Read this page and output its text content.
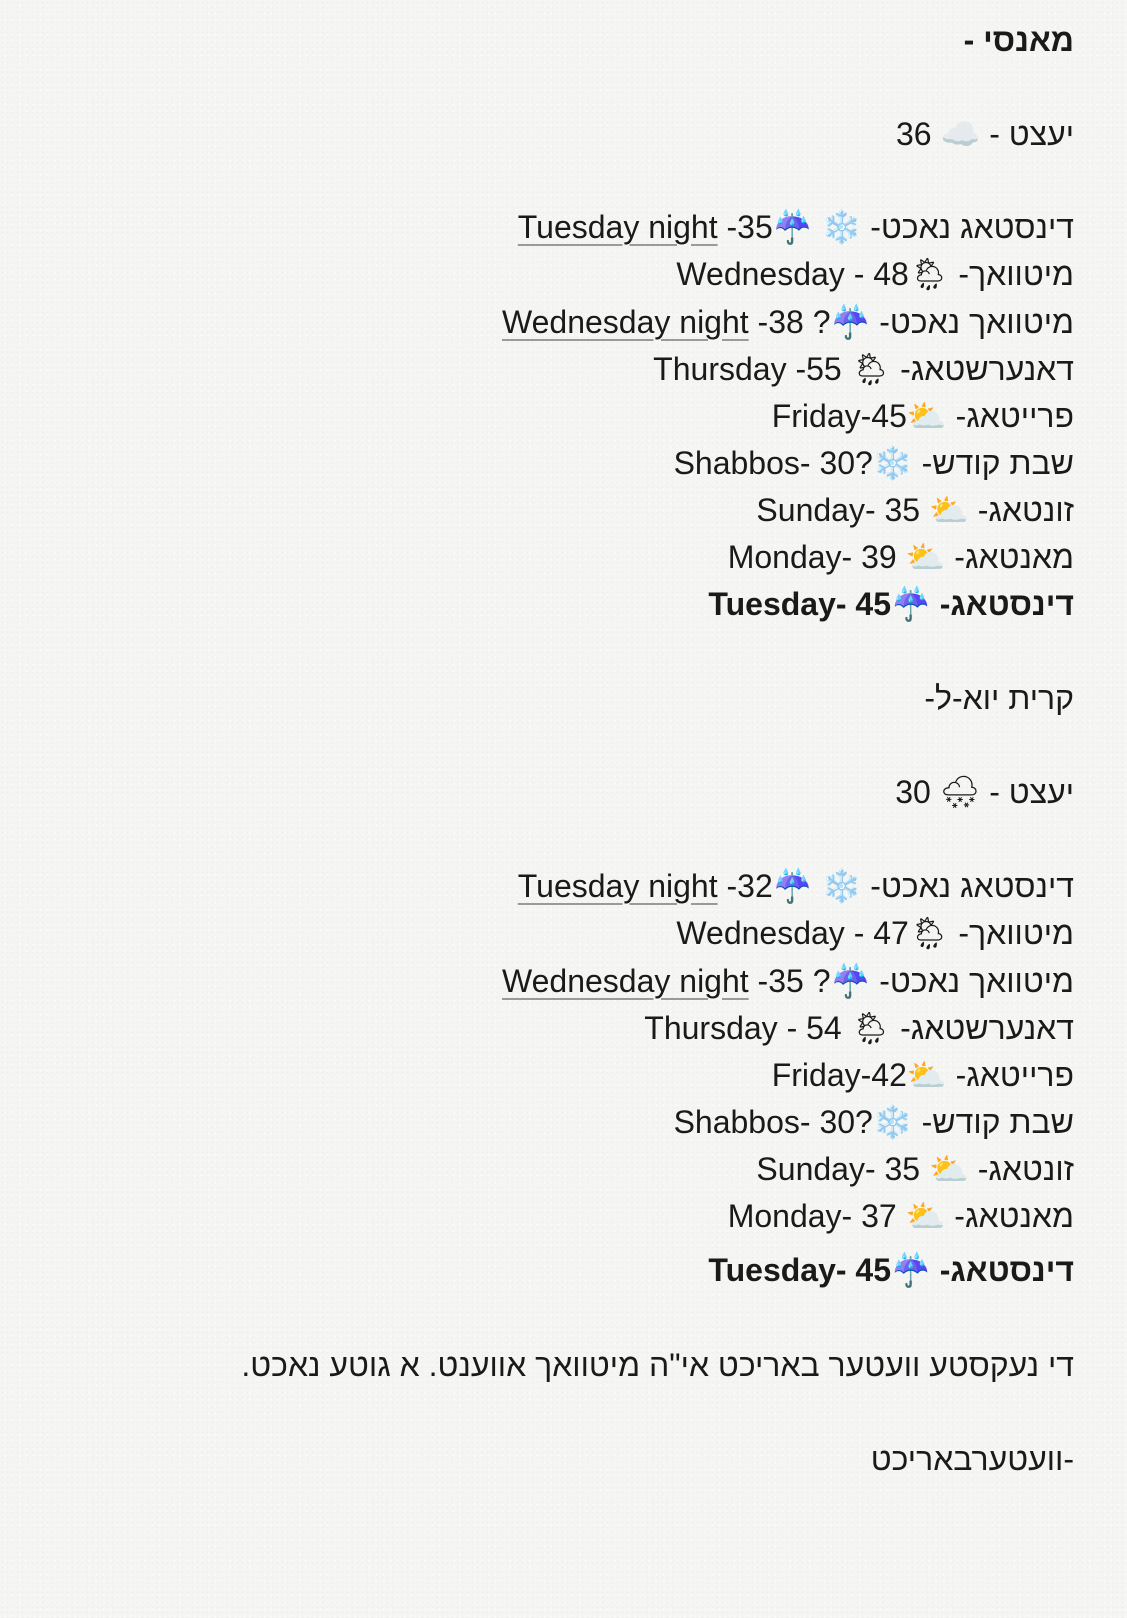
מאנסי -
יעצט - ☁️ 36
דינסטאג נאכט- ❄️ ☔35- Tuesday night
מיטוואך- 🌦48 - Wednesday
מיטוואך נאכט- ☔? 38- Wednesday night
דאנערשטאג- 🌦 55- Thursday
פרייטאג- ⛅45-Friday
שבת קודש- ❄️?30 -Shabbos
זונטאג- ⛅ 35 -Sunday
מאנטאג- ⛅ 39 -Monday
דינסטאג- ☔45 -Tuesday
קרית יוא-ל-
יעצט - 🌨 30
דינסטאג נאכט- ❄️ ☔32- Tuesday night
מיטוואך- 🌦47 - Wednesday
מיטוואך נאכט- ☔? 35- Wednesday night
דאנערשטאג- 🌦 54 - Thursday
פרייטאג- ⛅42-Friday
שבת קודש- ❄️?30 -Shabbos
זונטאג- ⛅ 35 -Sunday
מאנטאג- ⛅ 37 -Monday
דינסטאג- ☔45 -Tuesday
די נעקסטע וועטער באריכט אי"ה מיטוואך אווענט. א גוטע נאכט.
-וועטערבאריכט
